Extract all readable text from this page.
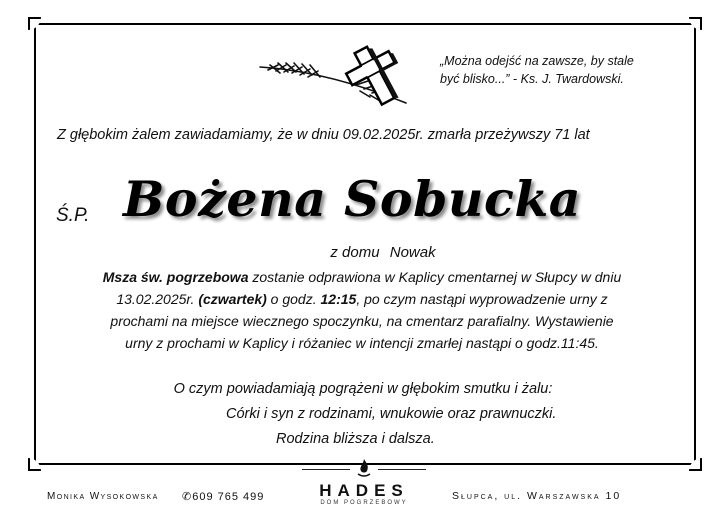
„Można odejść na zawsze, by stale
być blisko...” - Ks. J. Twardowski.
Z głębokim żalem zawiadamiamy, że w dniu 09.02.2025r. zmarła przeżywszy 71 lat
Ś.P. Bożena Sobucka
z domu Nowak
Msza św. pogrzebowa zostanie odprawiona w Kaplicy cmentarnej w Słupcy w dniu
13.02.2025r. (czwartek) o godz. 12:15, po czym nastąpi wyprowadzenie urny z
prochami na miejsce wiecznego spoczynku, na cmentarz parafialny. Wystawienie
urny z prochami w Kaplicy i różaniec w intencji zmarłej nastąpi o godz.11:45.
O czym powiadamiają pogrążeni w głębokim smutku i żalu:
Córki i syn z rodzinami, wnukowie oraz prawnuczki.
Rodzina bliższa i dalsza.
Monika Wysokowska ✆609 765 499	HADES
DOM POGRZEBOWY
Słupca, ul. Warszawska 10
